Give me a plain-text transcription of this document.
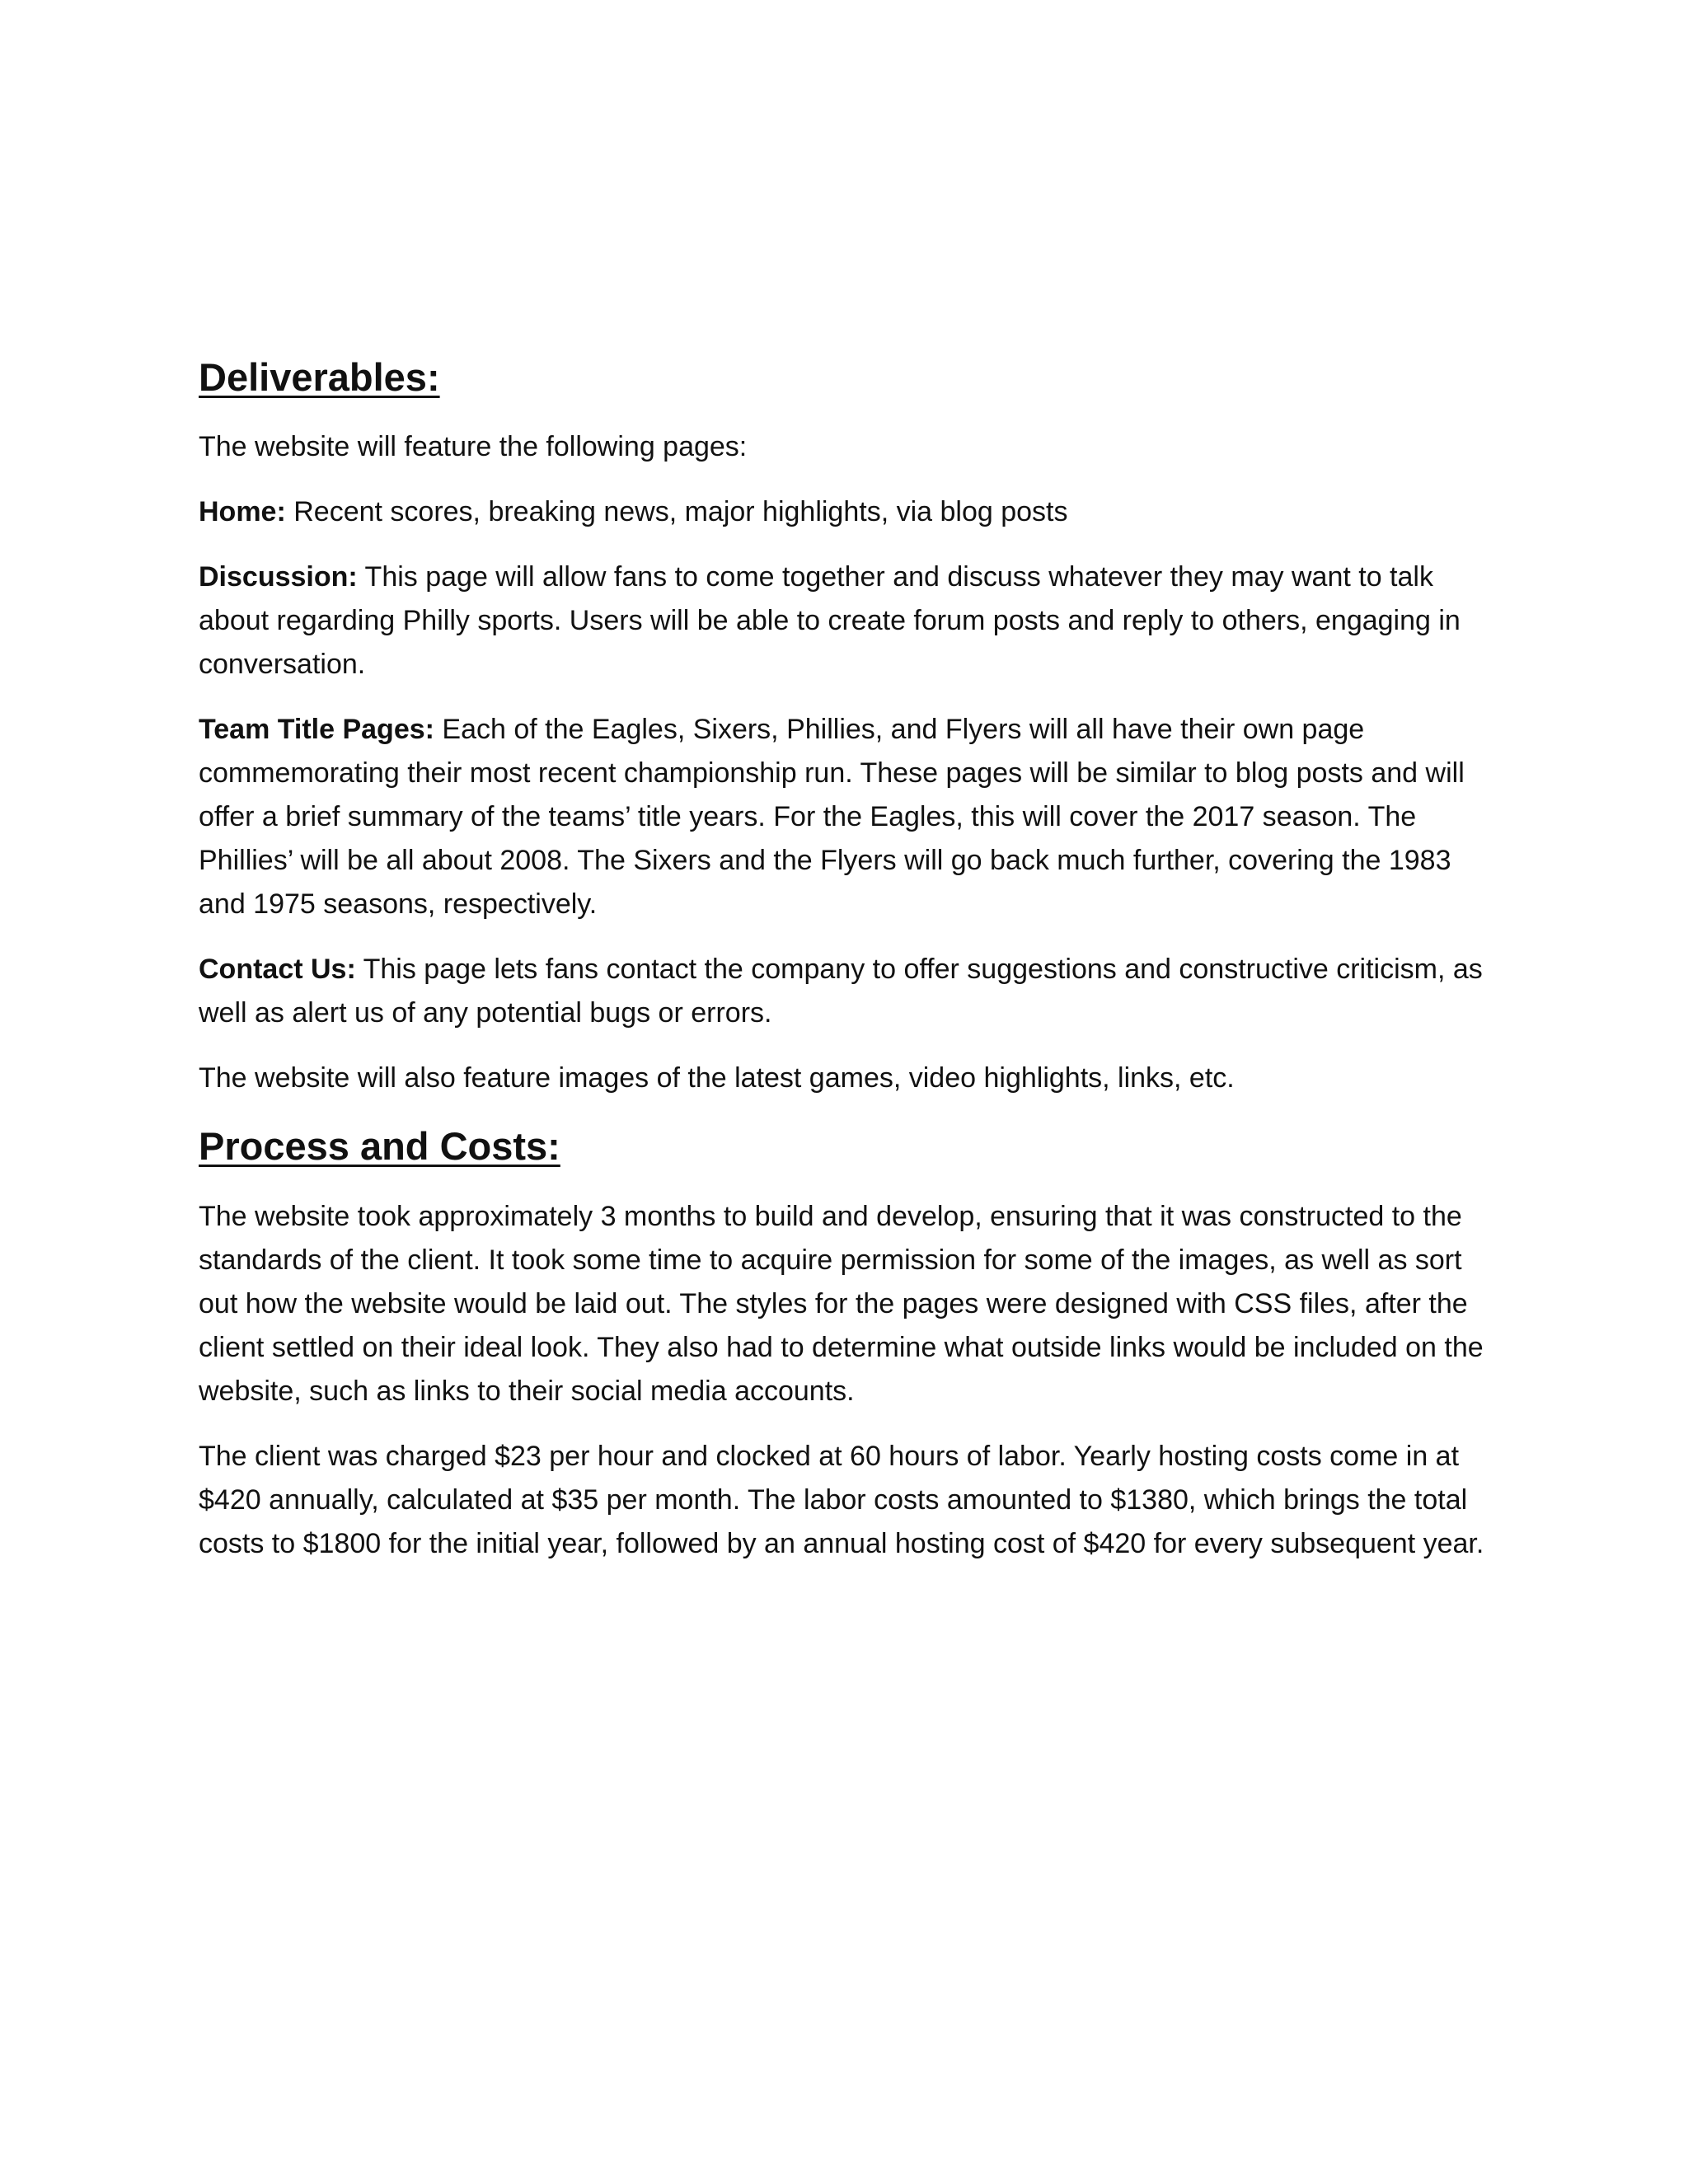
Deliverables:

The website will feature the following pages:

Home: Recent scores, breaking news, major highlights, via blog posts

Discussion: This page will allow fans to come together and discuss whatever they may want to talk about regarding Philly sports. Users will be able to create forum posts and reply to others, engaging in conversation.

Team Title Pages: Each of the Eagles, Sixers, Phillies, and Flyers will all have their own page commemorating their most recent championship run. These pages will be similar to blog posts and will offer a brief summary of the teams’ title years. For the Eagles, this will cover the 2017 season. The Phillies’ will be all about 2008. The Sixers and the Flyers will go back much further, covering the 1983 and 1975 seasons, respectively.

Contact Us: This page lets fans contact the company to offer suggestions and constructive criticism, as well as alert us of any potential bugs or errors.

The website will also feature images of the latest games, video highlights, links, etc.

Process and Costs:

The website took approximately 3 months to build and develop, ensuring that it was constructed to the standards of the client. It took some time to acquire permission for some of the images, as well as sort out how the website would be laid out. The styles for the pages were designed with CSS files, after the client settled on their ideal look. They also had to determine what outside links would be included on the website, such as links to their social media accounts.

The client was charged $23 per hour and clocked at 60 hours of labor. Yearly hosting costs come in at $420 annually, calculated at $35 per month. The labor costs amounted to $1380, which brings the total costs to $1800 for the initial year, followed by an annual hosting cost of $420 for every subsequent year.
